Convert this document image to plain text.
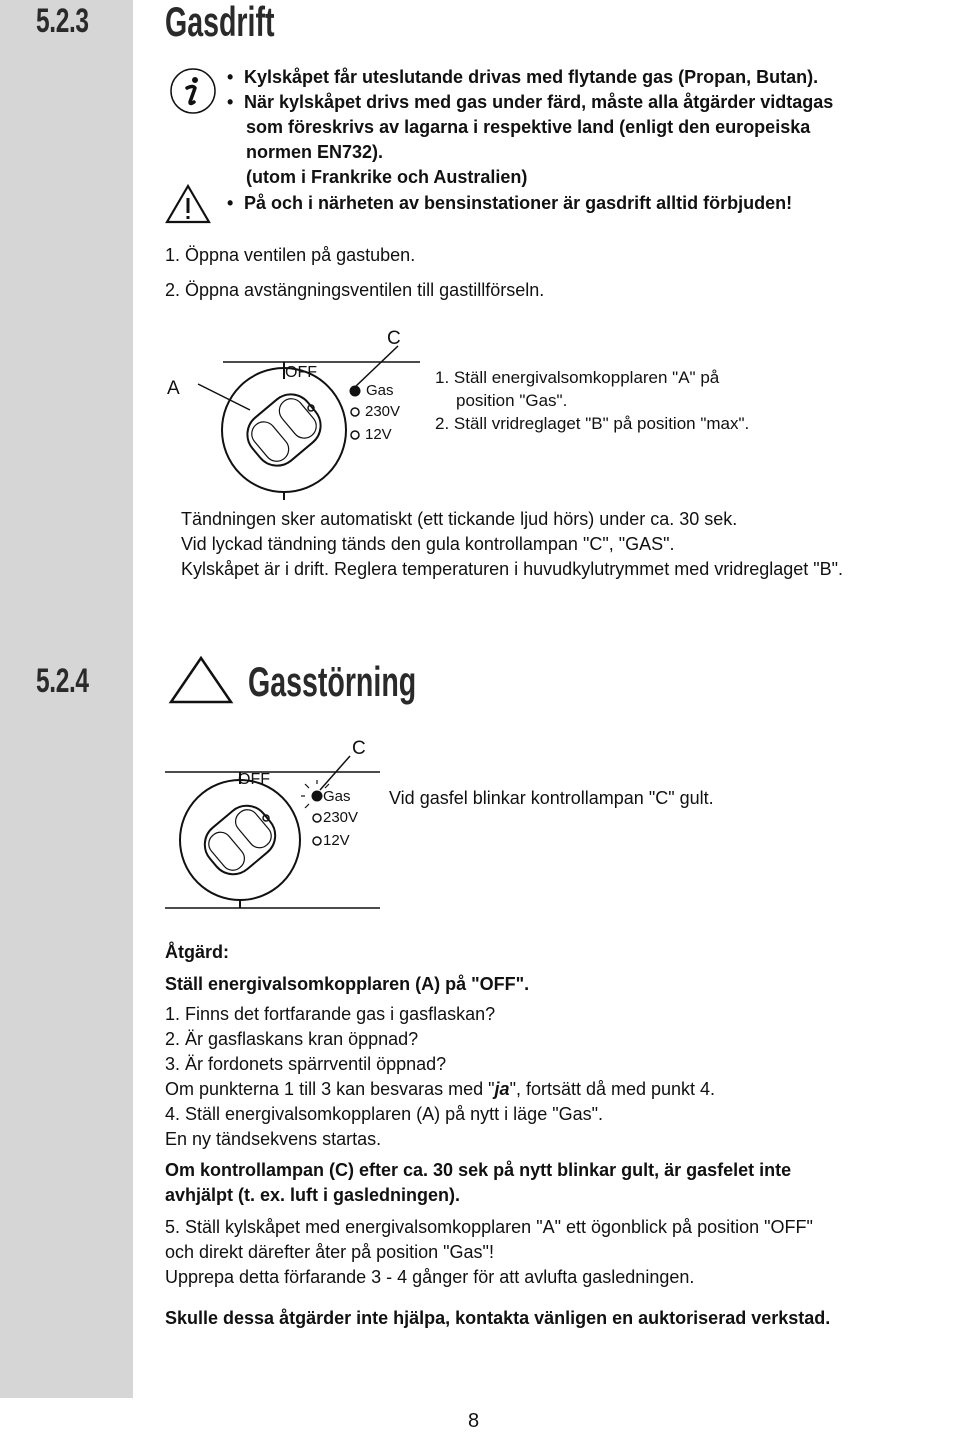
5.2.3 Gasdrift
• Kylskåpet får uteslutande drivas med flytande gas (Propan, Butan).
• När kylskåpet drivs med gas under färd, måste alla åtgärder vidtagas
som föreskrivs av lagarna i respektive land (enligt den europeiska
normen EN732).
(utom i Frankrike och Australien)
• På och i närheten av bensinstationer är gasdrift alltid förbjuden!
1. Öppna ventilen på gastuben.
2. Öppna avstängningsventilen till gastillförseln.
C
A
OFF
Gas
230V
12V
1. Ställ energivalsomkopplaren "A" på
position "Gas".
2. Ställ vridreglaget "B" på position "max".
Tändningen sker automatiskt (ett tickande ljud hörs) under ca. 30 sek.
Vid lyckad tändning tänds den gula kontrollampan "C", "GAS".
Kylskåpet är i drift. Reglera temperaturen i huvudkylutrymmet med vridreglaget "B".
5.2.4	Gasstörning
C
OFF
Gas
230V
12V
Vid gasfel blinkar kontrollampan "C" gult.
Åtgärd:
Ställ energivalsomkopplaren (A) på "OFF".
1. Finns det fortfarande gas i gasflaskan?
2. Är gasflaskans kran öppnad?
3. Är fordonets spärrventil öppnad?
Om punkterna 1 till 3 kan besvaras med "ja", fortsätt då med punkt 4.
4. Ställ energivalsomkopplaren (A) på nytt i läge "Gas".
En ny tändsekvens startas.
Om kontrollampan (C) efter ca. 30 sek på nytt blinkar gult, är gasfelet inte
avhjälpt (t. ex. luft i gasledningen).
5. Ställ kylskåpet med energivalsomkopplaren "A" ett ögonblick på position "OFF"
och direkt därefter åter på position "Gas"!
Upprepa detta förfarande 3 - 4 gånger för att avlufta gasledningen.
Skulle dessa åtgärder inte hjälpa, kontakta vänligen en auktoriserad verkstad.
8
